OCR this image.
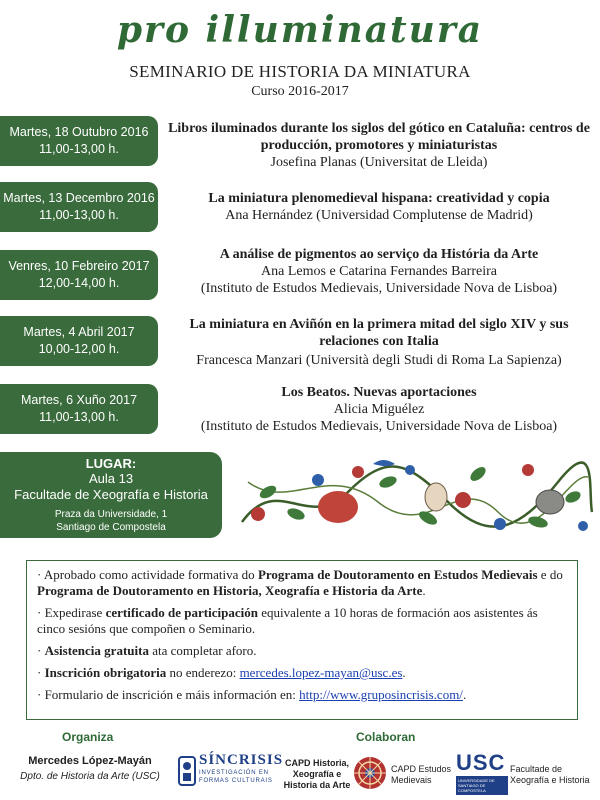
pro illuminatura
SEMINARIO DE HISTORIA DA MINIATURA
Curso 2016-2017
Martes, 18 Outubro 2016
11,00-13,00 h.
Libros iluminados durante los siglos del gótico en Cataluña: centros de producción, promotores y miniaturistas
Josefina Planas (Universitat de Lleida)
Martes, 13 Decembro 2016
11,00-13,00 h.
La miniatura plenomedieval hispana: creatividad y copia
Ana Hernández (Universidad Complutense de Madrid)
Venres, 10 Febreiro 2017
12,00-14,00 h.
A análise de pigmentos ao serviço da História da Arte
Ana Lemos e Catarina Fernandes Barreira
(Instituto de Estudos Medievais, Universidade Nova de Lisboa)
Martes, 4 Abril 2017
10,00-12,00 h.
La miniatura en Aviñón en la primera mitad del siglo XIV y sus relaciones con Italia
Francesca Manzari (Università degli Studi di Roma La Sapienza)
Martes, 6 Xuño 2017
11,00-13,00 h.
Los Beatos. Nuevas aportaciones
Alicia Miguélez
(Instituto de Estudos Medievais, Universidade Nova de Lisboa)
LUGAR:
Aula 13
Facultade de Xeografía e Historia
Praza da Universidade, 1
Santiago de Compostela

· Aprobado como actividade formativa do Programa de Doutoramento en Estudos Medievais e do Programa de Doutoramento en Historia, Xeografía e Historia da Arte.

· Expedirase certificado de participación equivalente a 10 horas de formación aos asistentes ás cinco sesións que compoñen o Seminario.

· Asistencia gratuita ata completar aforo.

· Inscrición obrigatoria no enderezo: mercedes.lopez-mayan@usc.es.

· Formulario de inscrición e máis información en: http://www.gruposincrisis.com/.

Organiza	Colaboran
Mercedes López-Mayán
Dpto. de Historia da Arte (USC)
SÍNCRISIS
INVESTIGACIÓN EN
FORMAS CULTURAIS
CAPD Historia,
Xeografía e
Historia da Arte
CAPD Estudos
Medievais
USC
UNIVERSIDADE DE SANTIAGO DE COMPOSTELA
Facultade de
Xeografía e Historia
